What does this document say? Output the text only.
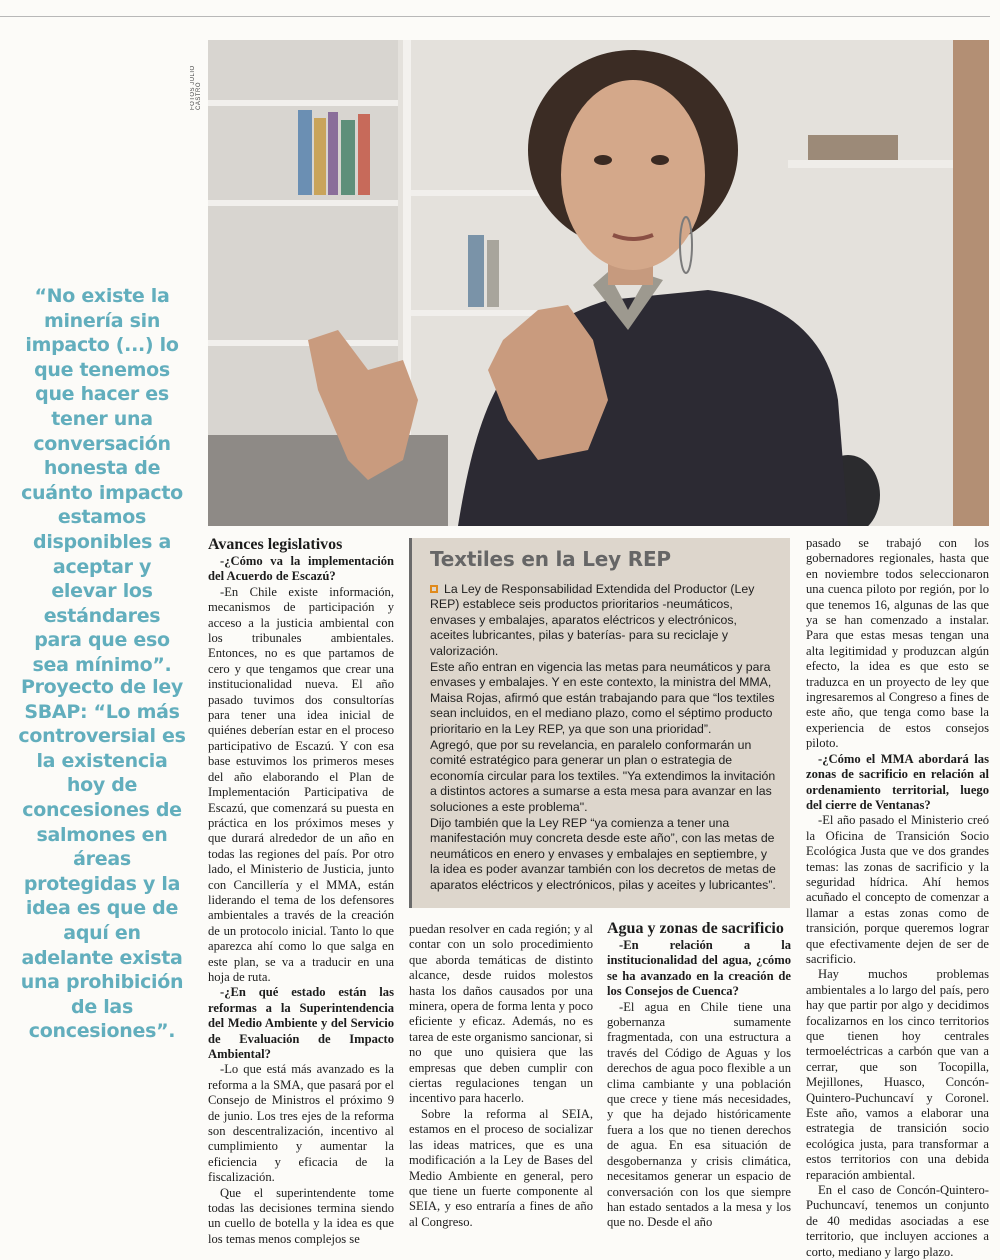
FOTOS JULIO CASTRO
“No existe la minería sin impacto (...) lo que tenemos que hacer es tener una conversación honesta de cuánto impacto estamos disponibles a aceptar y elevar los estándares para que eso sea mínimo”.
Proyecto de ley SBAP: “Lo más controversial es la existencia hoy de concesiones de salmones en áreas protegidas y la idea es que de aquí en adelante exista una prohibición de las concesiones”.

Avances legislativos

-¿Cómo va la implementación del Acuerdo de Escazú?

-En Chile existe información, mecanismos de participación y acceso a la justicia ambiental con los tribunales ambientales. Entonces, no es que partamos de cero y que tengamos que crear una institucionalidad nueva. El año pasado tuvimos dos consultorías para tener una idea inicial de quiénes deberían estar en el proceso participativo de Escazú. Y con esa base estuvimos los primeros meses del año elaborando el Plan de Implementación Participativa de Escazú, que comenzará su puesta en práctica en los próximos meses y que durará alrededor de un año en todas las regiones del país. Por otro lado, el Ministerio de Justicia, junto con Cancillería y el MMA, están liderando el tema de los defensores ambientales a través de la creación de un protocolo inicial. Tanto lo que aparezca ahí como lo que salga en este plan, se va a traducir en una hoja de ruta.

-¿En qué estado están las reformas a la Superintendencia del Medio Ambiente y del Servicio de Evaluación de Impacto Ambiental?

-Lo que está más avanzado es la reforma a la SMA, que pasará por el Consejo de Ministros el próximo 9 de junio. Los tres ejes de la reforma son descentralización, incentivo al cumplimiento y aumentar la eficiencia y eficacia de la fiscalización.

Que el superintendente tome todas las decisiones termina siendo un cuello de botella y la idea es que los temas menos complejos se

Textiles en la Ley REP

La Ley de Responsabilidad Extendida del Productor (Ley REP) establece seis productos prioritarios -neumáticos, envases y embalajes, aparatos eléctricos y electrónicos, aceites lubricantes, pilas y baterías- para su reciclaje y valorización.

Este año entran en vigencia las metas para neumáticos y para envases y embalajes. Y en este contexto, la ministra del MMA, Maisa Rojas, afirmó que están trabajando para que “los textiles sean incluidos, en el mediano plazo, como el séptimo producto prioritario en la Ley REP, ya que son una prioridad”.

Agregó, que por su revelancia, en paralelo conformarán un comité estratégico para generar un plan o estrategia de economía circular para los textiles. "Ya extendimos la invitación a distintos actores a sumarse a esta mesa para avanzar en las soluciones a este problema".

Dijo también que la Ley REP “ya comienza a tener una manifestación muy concreta desde este año”, con las metas de neumáticos en enero y envases y embalajes en septiembre, y la idea es poder avanzar también con los decretos de metas de aparatos eléctricos y electrónicos, pilas y aceites y lubricantes”.

puedan resolver en cada región; y al contar con un solo procedimiento que aborda temáticas de distinto alcance, desde ruidos molestos hasta los daños causados por una minera, opera de forma lenta y poco eficiente y eficaz. Además, no es tarea de este organismo sancionar, si no que uno quisiera que las empresas que deben cumplir con ciertas regulaciones tengan un incentivo para hacerlo.

Sobre la reforma al SEIA, estamos en el proceso de socializar las ideas matrices, que es una modificación a la Ley de Bases del Medio Ambiente en general, pero que tiene un fuerte componente al SEIA, y eso entraría a fines de año al Congreso.

Agua y zonas de sacrificio

-En relación a la institucionalidad del agua, ¿cómo se ha avanzado en la creación de los Consejos de Cuenca?

-El agua en Chile tiene una gobernanza sumamente fragmentada, con una estructura a través del Código de Aguas y los derechos de agua poco flexible a un clima cambiante y una población que crece y tiene más necesidades, y que ha dejado históricamente fuera a los que no tienen derechos de agua. En esa situación de desgobernanza y crisis climática, necesitamos generar un espacio de conversación con los que siempre han estado sentados a la mesa y los que no. Desde el año

pasado se trabajó con los gobernadores regionales, hasta que en noviembre todos seleccionaron una cuenca piloto por región, por lo que tenemos 16, algunas de las que ya se han comenzado a instalar. Para que estas mesas tengan una alta legitimidad y produzcan algún efecto, la idea es que esto se traduzca en un proyecto de ley que ingresaremos al Congreso a fines de este año, que tenga como base la experiencia de estos consejos piloto.

-¿Cómo el MMA abordará las zonas de sacrificio en relación al ordenamiento territorial, luego del cierre de Ventanas?

-El año pasado el Ministerio creó la Oficina de Transición Socio Ecológica Justa que ve dos grandes temas: las zonas de sacrificio y la seguridad hídrica. Ahí hemos acuñado el concepto de comenzar a llamar a estas zonas como de transición, porque queremos lograr que efectivamente dejen de ser de sacrificio.

Hay muchos problemas ambientales a lo largo del país, pero hay que partir por algo y decidimos focalizarnos en los cinco territorios que tienen hoy centrales termoeléctricas a carbón que van a cerrar, que son Tocopilla, Mejillones, Huasco, Concón-Quintero-Puchuncaví y Coronel. Este año, vamos a elaborar una estrategia de transición socio ecológica justa, para transformar a estos territorios con una debida reparación ambiental.

En el caso de Concón-Quintero-Puchuncaví, tenemos un conjunto de 40 medidas asociadas a ese territorio, que incluyen acciones a corto, mediano y largo plazo.
